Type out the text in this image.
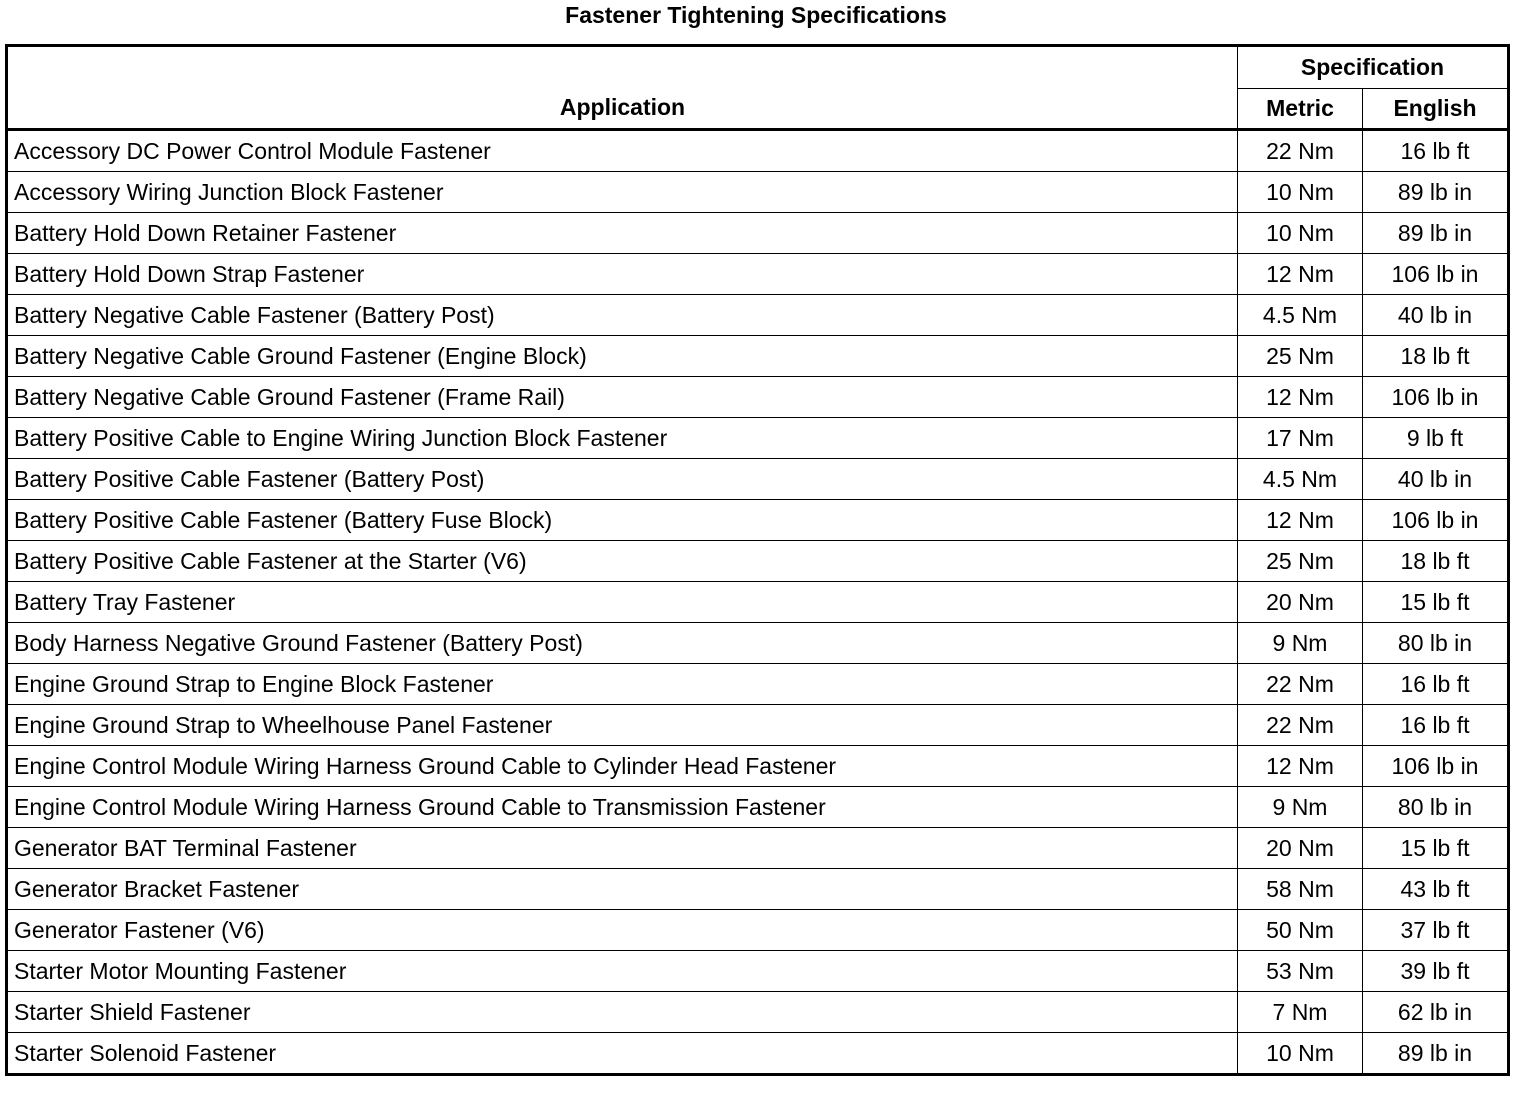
Fastener Tightening Specifications
Application	Specification	
	Metric	English
Accessory DC Power Control Module Fastener	22 Nm	16 lb ft
Accessory Wiring Junction Block Fastener	10 Nm	89 lb in
Battery Hold Down Retainer Fastener	10 Nm	89 lb in
Battery Hold Down Strap Fastener	12 Nm	106 lb in
Battery Negative Cable Fastener (Battery Post)	4.5 Nm	40 lb in
Battery Negative Cable Ground Fastener (Engine Block)	25 Nm	18 lb ft
Battery Negative Cable Ground Fastener (Frame Rail)	12 Nm	106 lb in
Battery Positive Cable to Engine Wiring Junction Block Fastener	17 Nm	9 lb ft
Battery Positive Cable Fastener (Battery Post)	4.5 Nm	40 lb in
Battery Positive Cable Fastener (Battery Fuse Block)	12 Nm	106 lb in
Battery Positive Cable Fastener at the Starter (V6)	25 Nm	18 lb ft
Battery Tray Fastener	20 Nm	15 lb ft
Body Harness Negative Ground Fastener (Battery Post)	9 Nm	80 lb in
Engine Ground Strap to Engine Block Fastener	22 Nm	16 lb ft
Engine Ground Strap to Wheelhouse Panel Fastener	22 Nm	16 lb ft
Engine Control Module Wiring Harness Ground Cable to Cylinder Head Fastener	12 Nm	106 lb in
Engine Control Module Wiring Harness Ground Cable to Transmission Fastener	9 Nm	80 lb in
Generator BAT Terminal Fastener	20 Nm	15 lb ft
Generator Bracket Fastener	58 Nm	43 lb ft
Generator Fastener (V6)	50 Nm	37 lb ft
Starter Motor Mounting Fastener	53 Nm	39 lb ft
Starter Shield Fastener	7 Nm	62 lb in
Starter Solenoid Fastener	10 Nm	89 lb in
